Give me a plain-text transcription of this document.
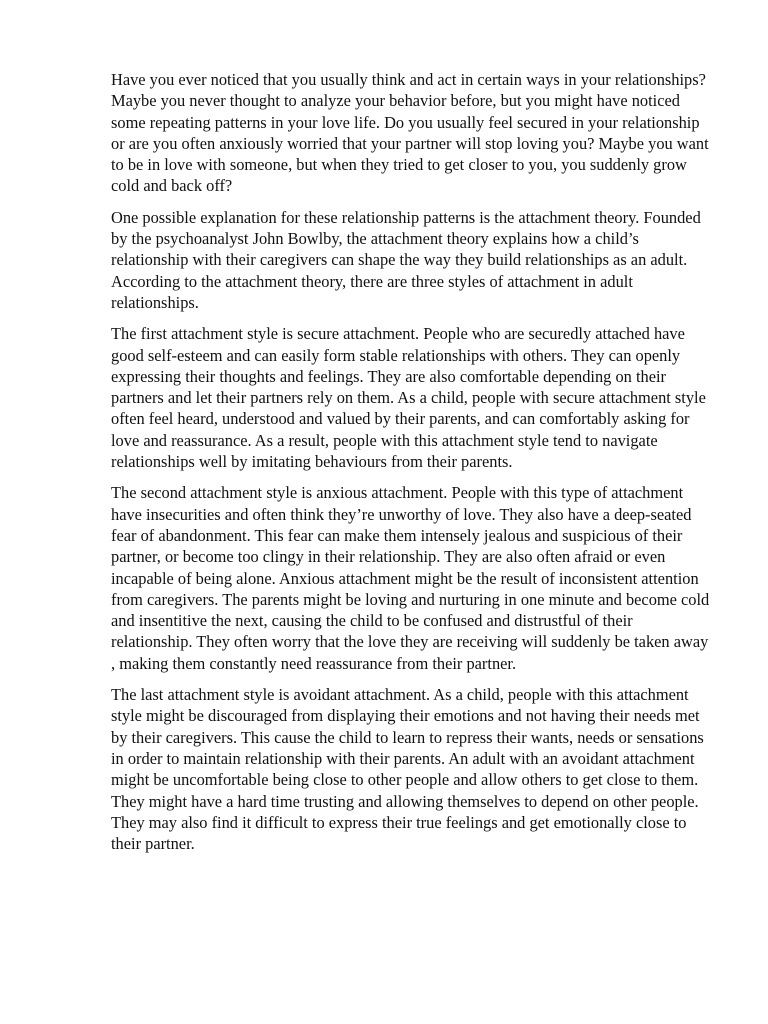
Have you ever noticed that you usually think and act in certain ways in your relationships? Maybe you never thought to analyze your behavior before, but you might have noticed some repeating patterns in your love life. Do you usually feel secured in your relationship or are you often anxiously worried that your partner will stop loving you? Maybe you want to be in love with someone, but when they tried to get closer to you, you suddenly grow cold and back off?

One possible explanation for these relationship patterns is the attachment theory. Founded by the psychoanalyst John Bowlby, the attachment theory explains how a child’s relationship with their caregivers can shape the way they build relationships as an adult. According to the attachment theory, there are three styles of attachment in adult relationships.

The first attachment style is secure attachment. People who are securedly attached have good self-esteem and can easily form stable relationships with others. They can openly expressing their thoughts and feelings. They are also comfortable depending on their partners and let their partners rely on them. As a child, people with secure attachment style often feel heard, understood and valued by their parents, and can comfortably asking for love and reassurance. As a result, people with this attachment style tend to navigate relationships well by imitating behaviours from their parents.

The second attachment style is anxious attachment. People with this type of attachment have insecurities and often think they’re unworthy of love. They also have a deep-seated fear of abandonment. This fear can make them intensely jealous and suspicious of their partner, or become too clingy in their relationship. They are also often afraid or even incapable of being alone. Anxious attachment might be the result of inconsistent attention from caregivers. The parents might be loving and nurturing in one minute and become cold and insentitive the next, causing the child to be confused and distrustful of their relationship. They often worry that the love they are receiving will suddenly be taken away , making them constantly need reassurance from their partner.

The last attachment style is avoidant attachment. As a child, people with this attachment style might be discouraged from displaying their emotions and not having their needs met by their caregivers. This cause the child to learn to repress their wants, needs or sensations in order to maintain relationship with their parents. An adult with an avoidant attachment might be uncomfortable being close to other people and allow others to get close to them. They might have a hard time trusting and allowing themselves to depend on other people. They may also find it difficult to express their true feelings and get emotionally close to their partner.
